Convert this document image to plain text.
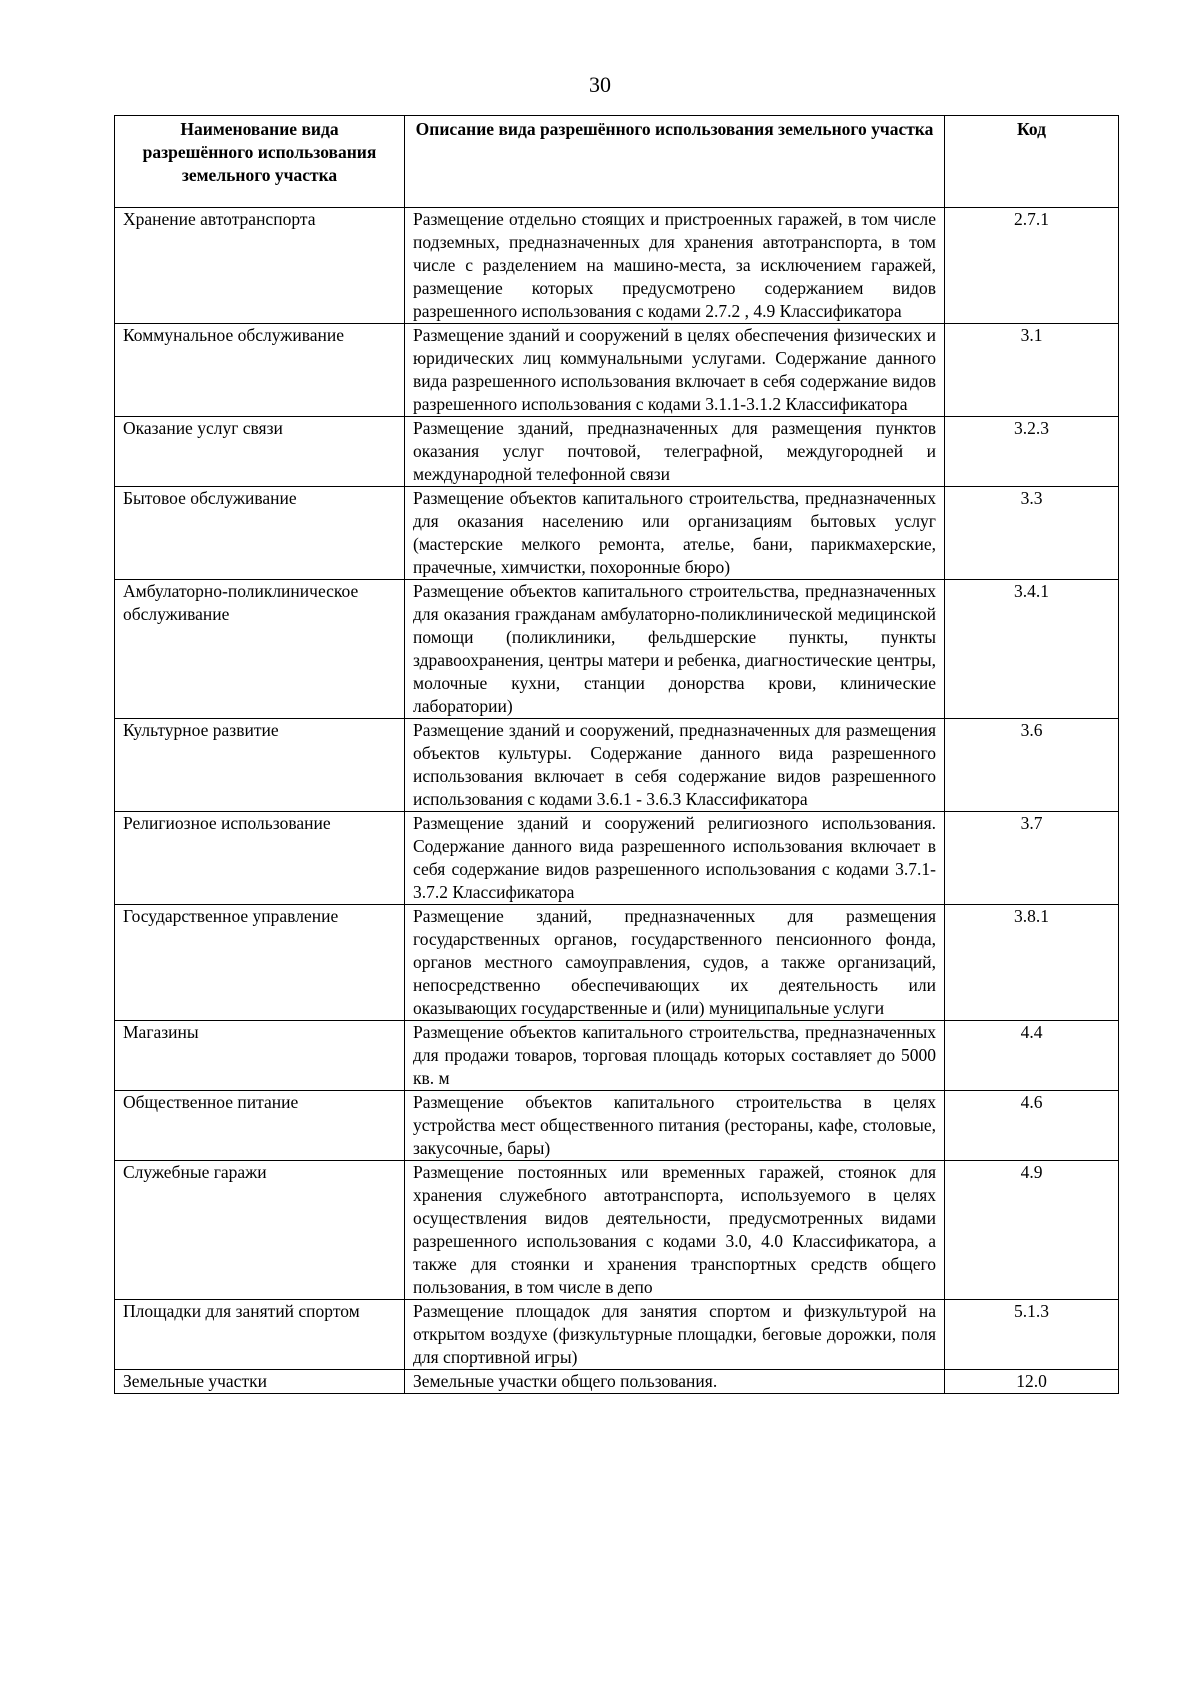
30
Наименование вида разрешённого использования земельного участка	Описание вида разрешённого использования земельного участка	Код
Хранение автотранспорта	Размещение отдельно стоящих и пристроенных гаражей, в том числе подземных, предназначенных для хранения автотранспорта, в том числе с разделением на машино-места, за исключением гаражей, размещение которых предусмотрено содержанием видов разрешенного использования с кодами 2.7.2 , 4.9 Классификатора	2.7.1
Коммунальное обслуживание	Размещение зданий и сооружений в целях обеспечения физических и юридических лиц коммунальными услугами. Содержание данного вида разрешенного использования включает в себя содержание видов разрешенного использования с кодами 3.1.1-3.1.2 Классификатора	3.1
Оказание услуг связи	Размещение зданий, предназначенных для размещения пунктов оказания услуг почтовой, телеграфной, междугородней и международной телефонной связи	3.2.3
Бытовое обслуживание	Размещение объектов капитального строительства, предназначенных для оказания населению или организациям бытовых услуг (мастерские мелкого ремонта, ателье, бани, парикмахерские, прачечные, химчистки, похоронные бюро)	3.3
Амбулаторно-поликлиническое обслуживание	Размещение объектов капитального строительства, предназначенных для оказания гражданам амбулаторно-поликлинической медицинской помощи (поликлиники, фельдшерские пункты, пункты здравоохранения, центры матери и ребенка, диагностические центры, молочные кухни, станции донорства крови, клинические лаборатории)	3.4.1
Культурное развитие	Размещение зданий и сооружений, предназначенных для размещения объектов культуры. Содержание данного вида разрешенного использования включает в себя содержание видов разрешенного использования с кодами 3.6.1 - 3.6.3 Классификатора	3.6
Религиозное использование	Размещение зданий и сооружений религиозного использования. Содержание данного вида разрешенного использования включает в себя содержание видов разрешенного использования с кодами 3.7.1-3.7.2 Классификатора	3.7
Государственное управление	Размещение зданий, предназначенных для размещения государственных органов, государственного пенсионного фонда, органов местного самоуправления, судов, а также организаций, непосредственно обеспечивающих их деятельность или оказывающих государственные и (или) муниципальные услуги	3.8.1
Магазины	Размещение объектов капитального строительства, предназначенных для продажи товаров, торговая площадь которых составляет до 5000 кв. м	4.4
Общественное питание	Размещение объектов капитального строительства в целях устройства мест общественного питания (рестораны, кафе, столовые, закусочные, бары)	4.6
Служебные гаражи	Размещение постоянных или временных гаражей, стоянок для хранения служебного автотранспорта, используемого в целях осуществления видов деятельности, предусмотренных видами разрешенного использования с кодами 3.0, 4.0 Классификатора, а также для стоянки и хранения транспортных средств общего пользования, в том числе в депо	4.9
Площадки для занятий спортом	Размещение площадок для занятия спортом и физкультурой на открытом воздухе (физкультурные площадки, беговые дорожки, поля для спортивной игры)	5.1.3
Земельные участки	Земельные участки общего пользования.	12.0
